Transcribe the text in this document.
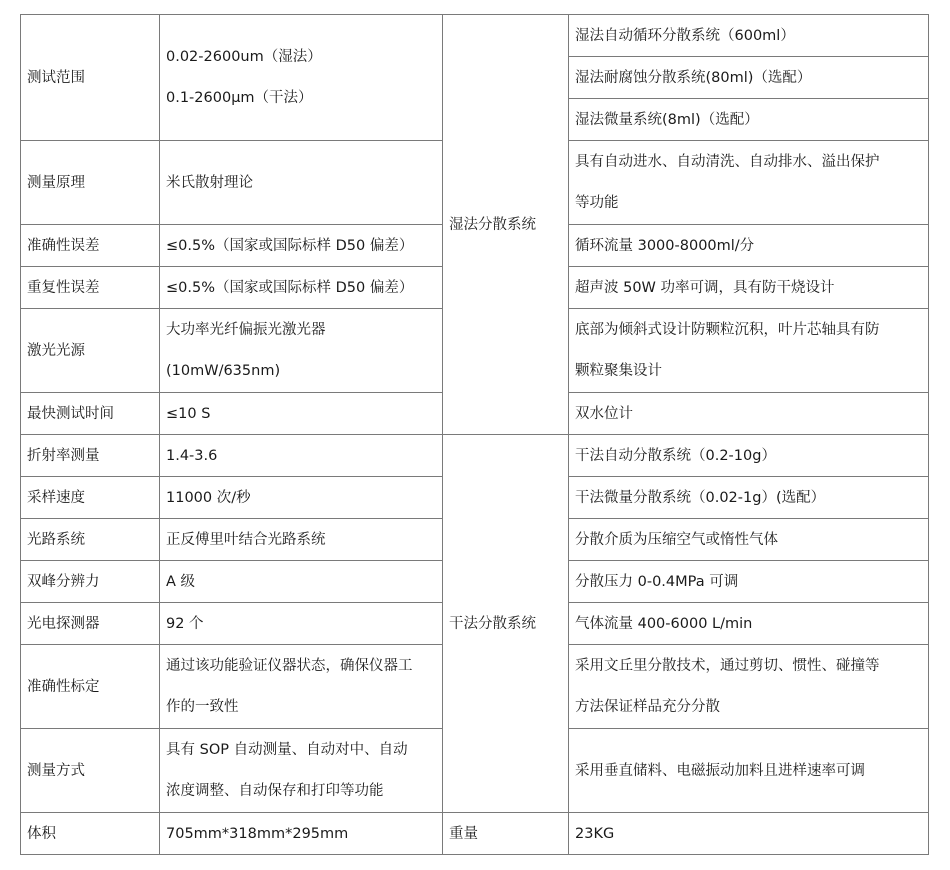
测试范围	0.02-2600um（湿法）
0.1-2600μm（干法）	湿法分散系统	湿法自动循环分散系统（600ml）
			湿法耐腐蚀分散系统(80ml)（选配）
			湿法微量系统(8ml)（选配）
测量原理	米氏散射理论		具有自动进水、自动清洗、自动排水、溢出保护
等功能

准确性误差	≤0.5%（国家或国际标样 D50 偏差）		循环流量 3000-8000ml/分
重复性误差	≤0.5%（国家或国际标样 D50 偏差）		超声波 50W 功率可调，具有防干烧设计
激光光源	大功率光纤偏振光激光器
(10mW/635nm)		底部为倾斜式设计防颗粒沉积，叶片芯轴具有防
颗粒聚集设计

最快测试时间	≤10 S		双水位计
折射率测量	1.4-3.6	干法分散系统	干法自动分散系统（0.2-10g）
采样速度	11000 次/秒		干法微量分散系统（0.02-1g）(选配）
光路系统	正反傅里叶结合光路系统		分散介质为压缩空气或惰性气体
双峰分辨力	A 级		分散压力 0-0.4MPa 可调
光电探测器	92 个		气体流量 400-6000 L/min
准确性标定	通过该功能验证仪器状态，确保仪器工
作的一致性		采用文丘里分散技术，通过剪切、惯性、碰撞等
方法保证样品充分分散

测量方式	具有 SOP 自动测量、自动对中、自动
浓度调整、自动保存和打印等功能		采用垂直储料、电磁振动加料且进样速率可调
体积	705mm*318mm*295mm	重量	23KG
